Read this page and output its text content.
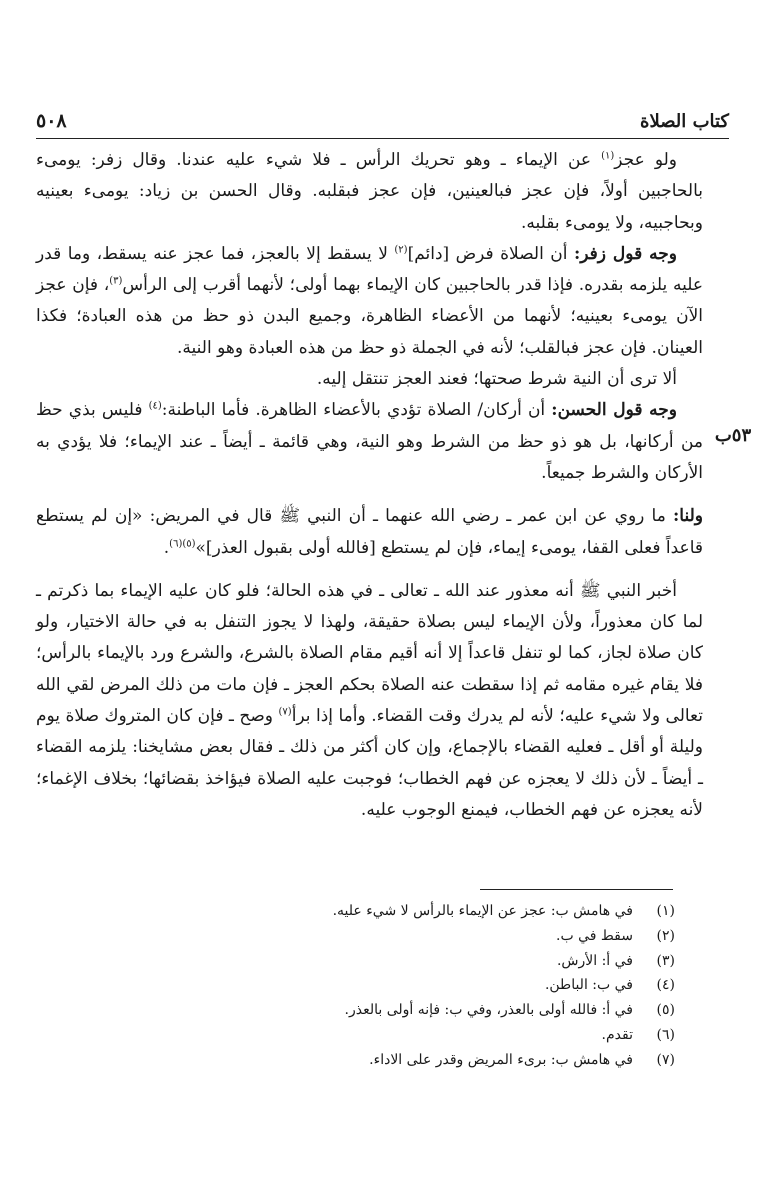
كتاب الصلاة
٥٠٨
٥٣ب

ولو عجز$^{(١)}$ عن الإيماء ـ وهو تحريك الرأس ـ فلا شيء عليه عندنا. وقال زفر: يومىء بالحاجبين أولاً، فإن عجز فبالعينين، فإن عجز فبقلبه. وقال الحسن بن زياد: يومىء بعينيه وبحاجبيه، ولا يومىء بقلبه.

وجه قول زفر: أن الصلاة فرض [دائم]$^{(٢)}$ لا يسقط إلا بالعجز، فما عجز عنه يسقط، وما قدر عليه يلزمه بقدره. فإذا قدر بالحاجبين كان الإيماء بهما أولى؛ لأنهما أقرب إلى الرأس$^{(٣)}$، فإن عجز الآن يومىء بعينيه؛ لأنهما من الأعضاء الظاهرة، وجميع البدن ذو حظ من هذه العبادة؛ فكذا العينان. فإن عجز فبالقلب؛ لأنه في الجملة ذو حظ من هذه العبادة وهو النية.

ألا ترى أن النية شرط صحتها؛ فعند العجز تنتقل إليه.

وجه قول الحسن: أن أركان/ الصلاة تؤدي بالأعضاء الظاهرة. فأما الباطنة:$^{(٤)}$ فليس بذي حظ من أركانها، بل هو ذو حظ من الشرط وهو النية، وهي قائمة ـ أيضاً ـ عند الإيماء؛ فلا يؤدي به الأركان والشرط جميعاً.

ولنا: ما روي عن ابن عمر ـ رضي الله عنهما ـ أن النبي ﷺ قال في المريض: «إن لم يستطع قاعداً فعلى القفا، يومىء إيماء، فإن لم يستطع [فالله أولى بقبول العذر]»$^{(٥)(٦)}$.

أخبر النبي ﷺ أنه معذور عند الله ـ تعالى ـ في هذه الحالة؛ فلو كان عليه الإيماء بما ذكرتم ـ لما كان معذوراً، ولأن الإيماء ليس بصلاة حقيقة، ولهذا لا يجوز التنفل به في حالة الاختيار، ولو كان صلاة لجاز، كما لو تنفل قاعداً إلا أنه أقيم مقام الصلاة بالشرع، والشرع ورد بالإيماء بالرأس؛ فلا يقام غيره مقامه ثم إذا سقطت عنه الصلاة بحكم العجز ـ فإن مات من ذلك المرض لقي الله تعالى ولا شيء عليه؛ لأنه لم يدرك وقت القضاء. وأما إذا برأ$^{(٧)}$ وصح ـ فإن كان المتروك صلاة يوم وليلة أو أقل ـ فعليه القضاء بالإجماع، وإن كان أكثر من ذلك ـ فقال بعض مشايخنا: يلزمه القضاء ـ أيضاً ـ لأن ذلك لا يعجزه عن فهم الخطاب؛ فوجبت عليه الصلاة فيؤاخذ بقضائها؛ بخلاف الإغماء؛ لأنه يعجزه عن فهم الخطاب، فيمنع الوجوب عليه.

(١)
في هامش ب: عجز عن الإيماء بالرأس لا شيء عليه.
(٢)
سقط في ب.
(٣)
في أ: الأرش.
(٤)
في ب: الباطن.
(٥)
في أ: فالله أولى بالعذر، وفي ب: فإنه أولى بالعذر.
(٦)
تقدم.
(٧)
في هامش ب: برىء المريض وقدر على الاداء.
